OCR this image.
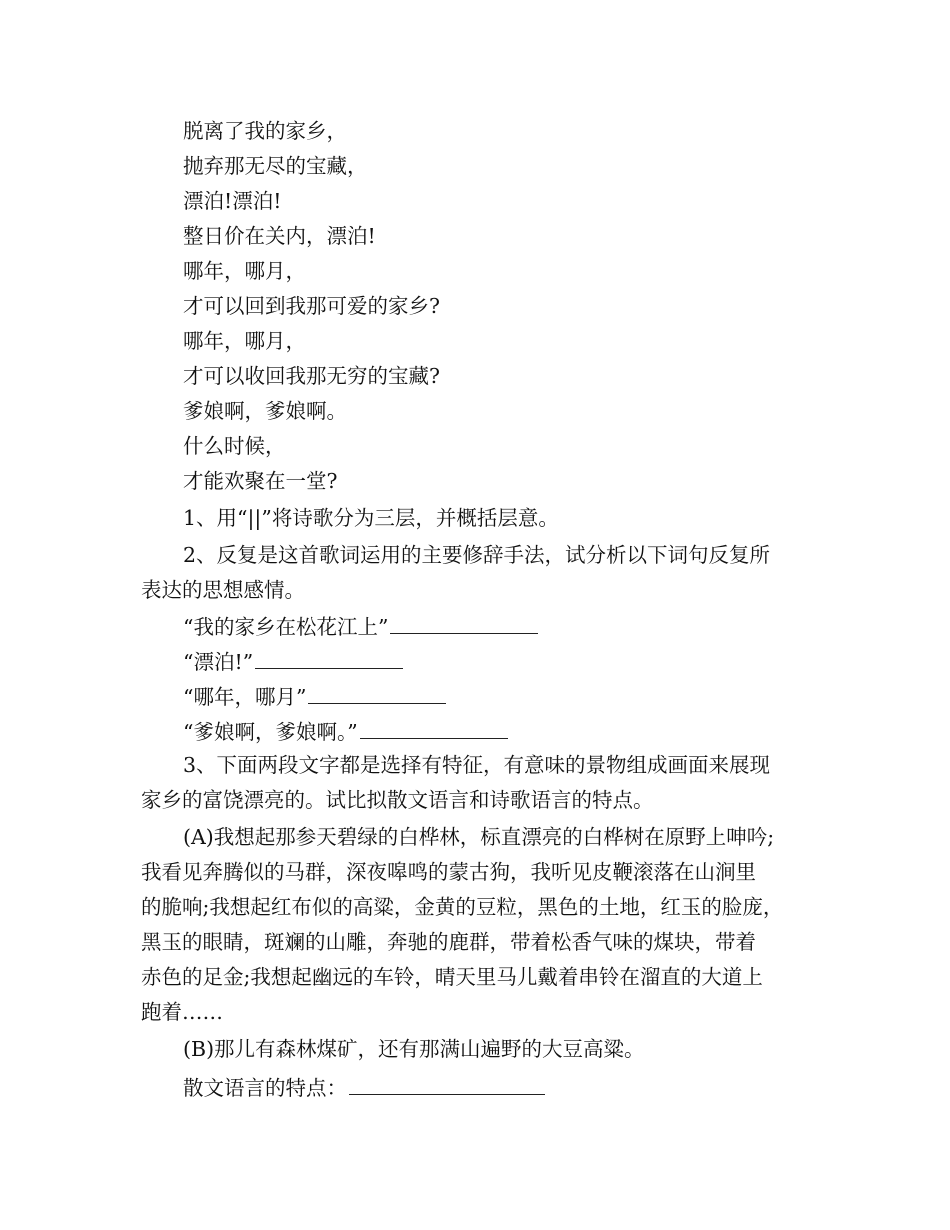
脱离了我的家乡，
抛弃那无尽的宝藏，
漂泊!漂泊!
整日价在关内，漂泊!
哪年，哪月，
才可以回到我那可爱的家乡?
哪年，哪月，
才可以收回我那无穷的宝藏?
爹娘啊，爹娘啊。
什么时候，
才能欢聚在一堂?
1、用“||”将诗歌分为三层，并概括层意。
2、反复是这首歌词运用的主要修辞手法，试分析以下词句反复所
表达的思想感情。
“我的家乡在松花江上”
“漂泊!”
“哪年，哪月”
“爹娘啊，爹娘啊。”
3、下面两段文字都是选择有特征，有意味的景物组成画面来展现
家乡的富饶漂亮的。试比拟散文语言和诗歌语言的特点。
(A)我想起那参天碧绿的白桦林，标直漂亮的白桦树在原野上呻吟;
我看见奔腾似的马群，深夜嗥鸣的蒙古狗，我听见皮鞭滚落在山涧里
的脆响;我想起红布似的高粱，金黄的豆粒，黑色的土地，红玉的脸庞，
黑玉的眼睛，斑斓的山雕，奔驰的鹿群，带着松香气味的煤块，带着
赤色的足金;我想起幽远的车铃，晴天里马儿戴着串铃在溜直的大道上
跑着……
(B)那儿有森林煤矿，还有那满山遍野的大豆高粱。
散文语言的特点：
